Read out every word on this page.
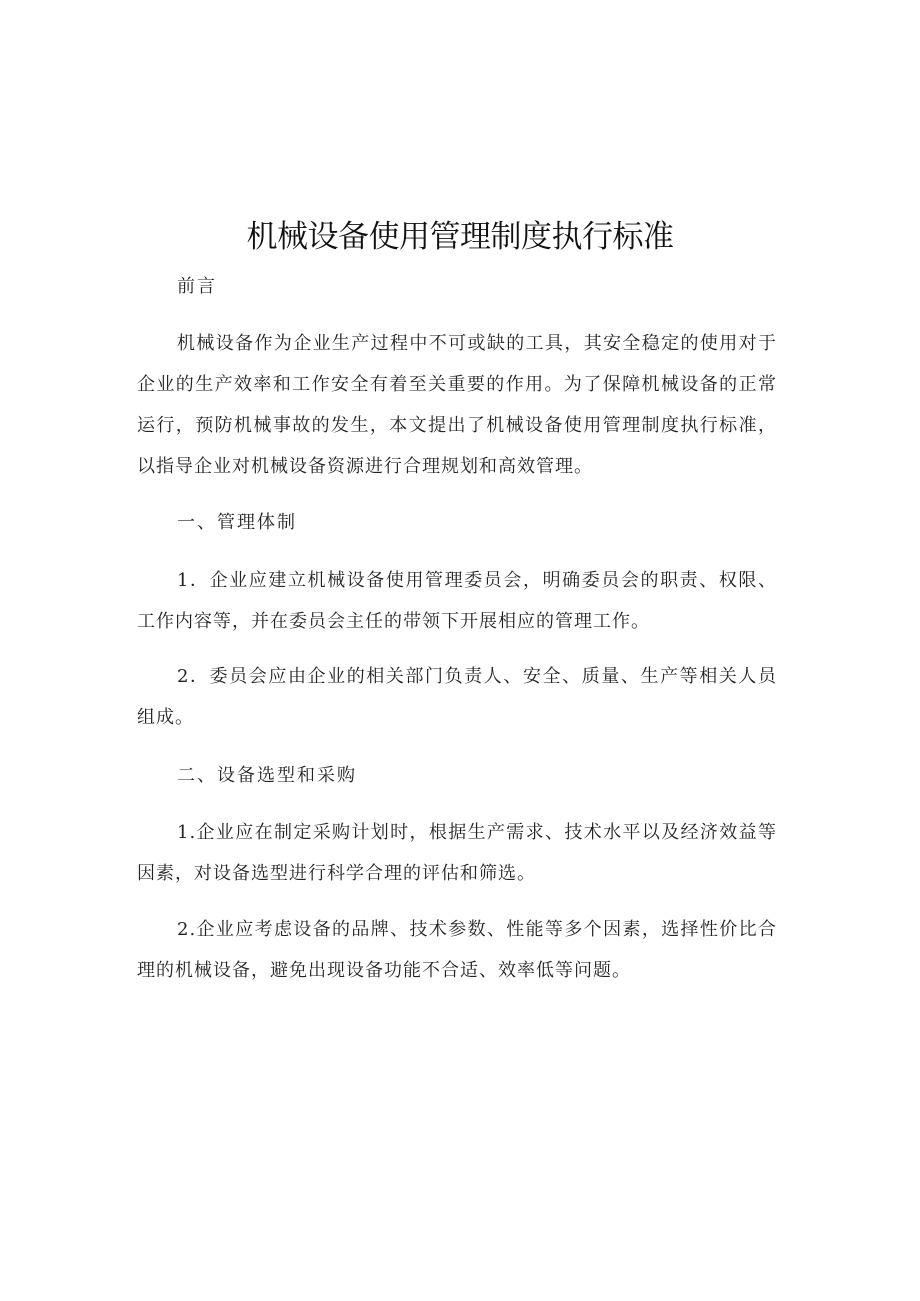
机械设备使用管理制度执行标准
前言
机械设备作为企业生产过程中不可或缺的工具，其安全稳定的使用对于企业的生产效率和工作安全有着至关重要的作用。为了保障机械设备的正常运行，预防机械事故的发生，本文提出了机械设备使用管理制度执行标准，以指导企业对机械设备资源进行合理规划和高效管理。
一、管理体制
1．企业应建立机械设备使用管理委员会，明确委员会的职责、权限、工作内容等，并在委员会主任的带领下开展相应的管理工作。
2．委员会应由企业的相关部门负责人、安全、质量、生产等相关人员组成。
二、设备选型和采购
1.企业应在制定采购计划时，根据生产需求、技术水平以及经济效益等因素，对设备选型进行科学合理的评估和筛选。
2.企业应考虑设备的品牌、技术参数、性能等多个因素，选择性价比合理的机械设备，避免出现设备功能不合适、效率低等问题。
